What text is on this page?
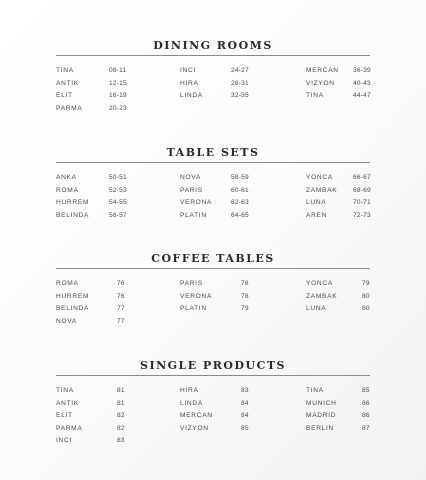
DINING ROOMS
TINA	08-11
ANTIK	12-15
ELIT	16-19
PARMA	20-23
INCI	24-27
HIRA	28-31
LINDA	32-35
MERCAN 36-39
VIZYON	40-43
TINA	44-47
TABLE SETS
ANKA	50-51
ROMA	52-53
HURREM	54-55
BELINDA	56-57
NOVA	58-59
PARIS	60-61
VERONA	62-63
PLATIN	64-65
YONCA	66-67
ZAMBAK 68-69
LUNA	70-71
AREN	72-73
COFFEE TABLES
ROMA	76
HURREM	76
BELINDA	77
NOVA	77
PARIS	78
VERONA	78
PLATIN	79
YONCA	79
ZAMBAK	80
LUNA	80
SINGLE PRODUCTS
TINA	81
ANTIK	81
ELIT	82
PARMA	82
INCI	83
HIRA	83
LINDA	84
MERCAN	84
VIZYON	85
TINA	85
MUNICH	86
MADRID	86
BERLIN	87
